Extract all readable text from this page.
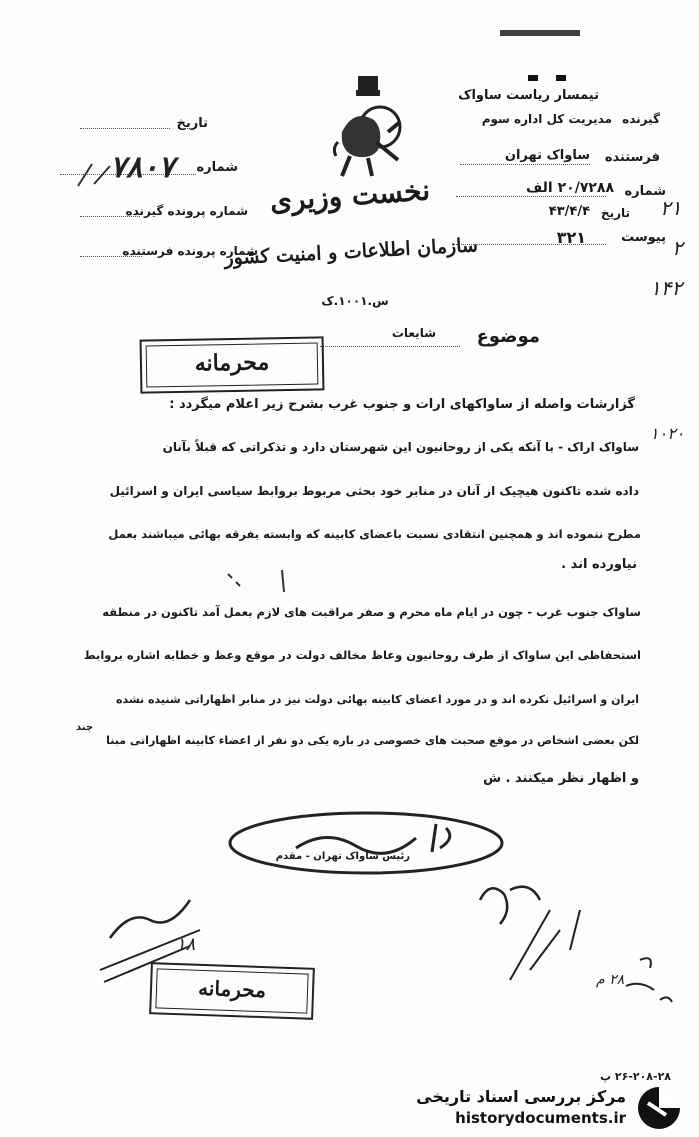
نخست وزیری
سازمان اطلاعات و امنیت کشور
س.۱۰۰۱.ک
تاریخ
شماره
۷۸۰۷
شماره پرونده گیرنده
شماره پرونده فرستنده
تیمسار ریاست ساواک
گیرنده
مدیریت کل اداره سوم
فرستنده
ساواک تهران
شماره
۲۰/۷۲۸۸ الف
تاریخ
۴۳/۴/۴
پیوست
۳۲۱
۲۱
۲
۱۴۲
۱۰۲۰
موضوع
شایعات
محرمانه
گزارشات واصله از ساواکهای ارات و جنوب غرب بشرح زیر اعلام میگردد :
ساواک اراک - با آنکه یکی از روحانیون این شهرستان دارد و تذکراتی که قبلاً بآنان
داده شده تاکنون هیچیک از آنان در منابر خود بحثی مربوط بروابط سیاسی ایران و اسرائیل
مطرح ننموده اند و همچنین انتقادی نسبت باعضای کابینه که وابسته بفرقه بهائی میباشند بعمل
نیاورده اند .
ساواک جنوب غرب - چون در ایام ماه محرم و صفر مراقبت های لازم بعمل آمد تاکنون در منطقه
استحفاظی این ساواک از طرف روحانیون وعاظ مخالف دولت در موقع وعظ و خطابه اشاره بروابط
ایران و اسرائیل نکرده اند و در مورد اعضای کابینه بهائی دولت نیز در منابر اظهاراتی شنیده نشده
چند
لکن بعضی اشخاص در موقع صحبت های خصوصی در باره یکی دو نفر از اعضاء کابینه اظهاراتی مبنا
و اظهار نظر میکنند . ش
رئیس ساواک تهران - مقدم
۱۸
محرمانه	۲۸ م
۲۶-۲۰۸-۲۸ پ
مرکز بررسی اسناد تاریخی
historydocuments.ir
